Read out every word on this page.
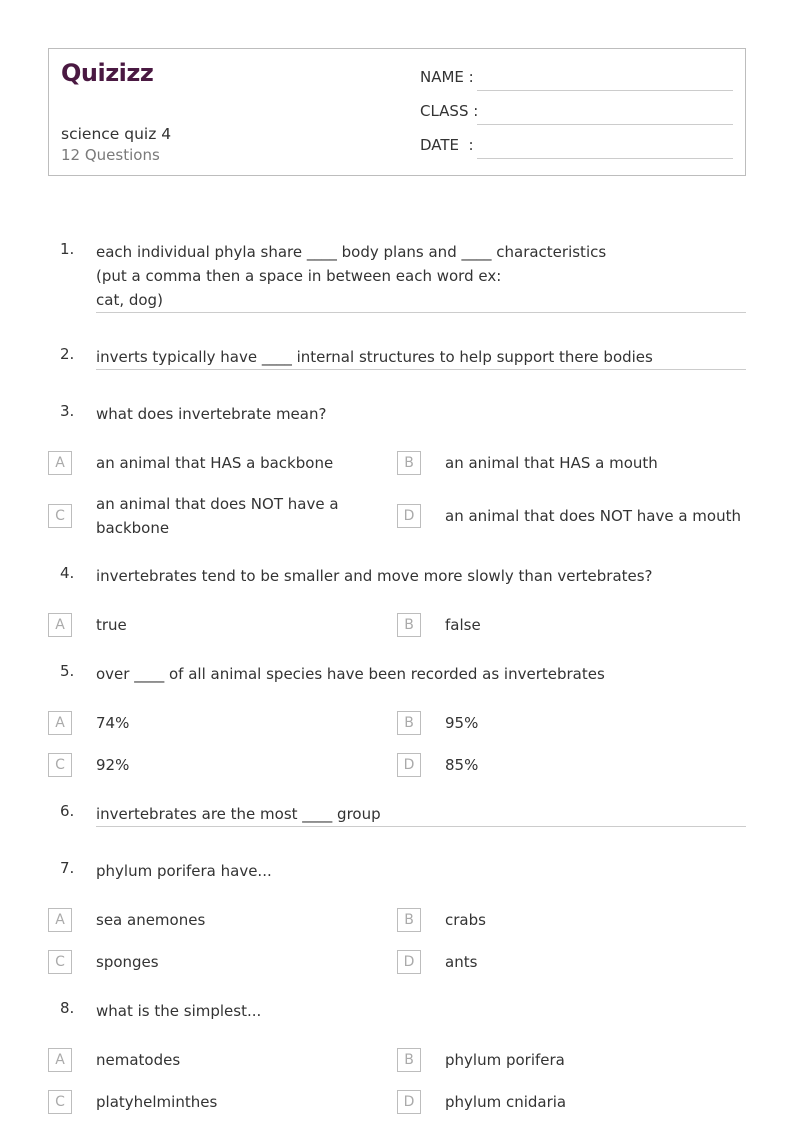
Quizizz
science quiz 4
12 Questions
NAME :
CLASS :
DATE  :
1.	each individual phyla share ____ body plans and ____ characteristics
(put a comma then a space in between each word ex:
cat, dog)
2.	inverts typically have ____ internal structures to help support there bodies
3.	what does invertebrate mean?
A	an animal that HAS a backbone	B	an animal that HAS a mouth
C
an animal that does NOT have a
backbone
D	an animal that does NOT have a mouth
4.	invertebrates tend to be smaller and move more slowly than vertebrates?
A	true	B	false
5.	over ____ of all animal species have been recorded as invertebrates
A	74%	B	95%
C	92%	D	85%
6.	invertebrates are the most ____ group
7.	phylum porifera have...
A	sea anemones	B	crabs
C	sponges	D	ants
8.	what is the simplest...
A	nematodes	B	phylum porifera
C	platyhelminthes	D	phylum cnidaria
